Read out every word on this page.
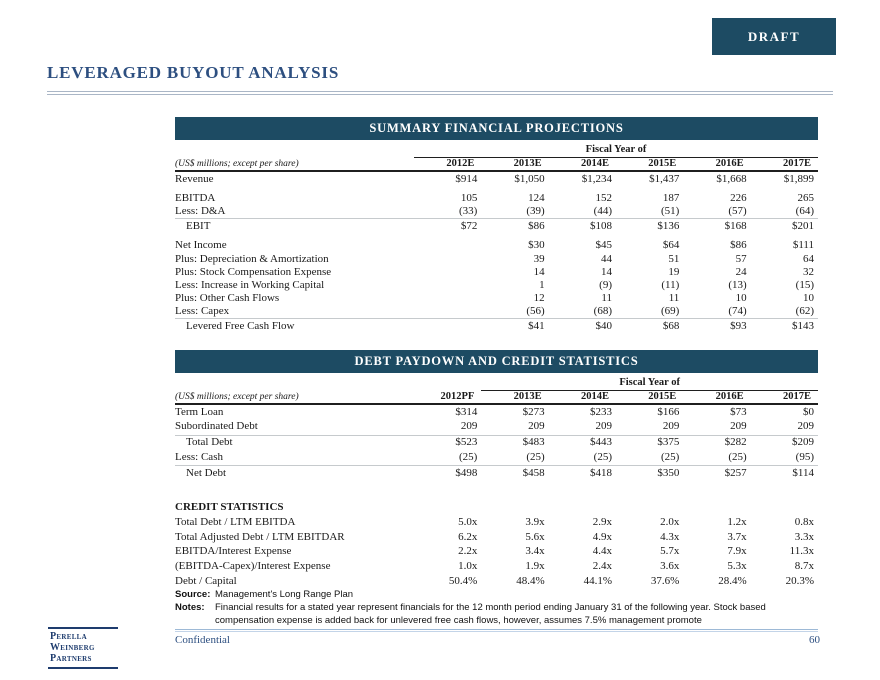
DRAFT
LEVERAGED BUYOUT ANALYSIS
SUMMARY FINANCIAL PROJECTIONS
	Fiscal Year of					
(US$ millions; except per share)	2012E	2013E	2014E	2015E	2016E	2017E
Revenue	$914	$1,050	$1,234	$1,437	$1,668	$1,899
EBITDA	105	124	152	187	226	265
Less: D&A	(33)	(39)	(44)	(51)	(57)	(64)
EBIT	$72	$86	$108	$136	$168	$201
Net Income		$30	$45	$64	$86	$111
Plus: Depreciation & Amortization		39	44	51	57	64
Plus: Stock Compensation Expense		14	14	19	24	32
Less: Increase in Working Capital		1	(9)	(11)	(13)	(15)
Plus: Other Cash Flows		12	11	11	10	10
Less: Capex		(56)	(68)	(69)	(74)	(62)
Levered Free Cash Flow		$41	$40	$68	$93	$143
DEBT PAYDOWN AND CREDIT STATISTICS
		Fiscal Year of				
(US$ millions; except per share)	2012PF	2013E	2014E	2015E	2016E	2017E
Term Loan	$314	$273	$233	$166	$73	$0
Subordinated Debt	209	209	209	209	209	209
Total Debt	$523	$483	$443	$375	$282	$209
Less: Cash	(25)	(25)	(25)	(25)	(25)	(95)
Net Debt	$498	$458	$418	$350	$257	$114
CREDIT STATISTICS						
Total Debt / LTM EBITDA	5.0x	3.9x	2.9x	2.0x	1.2x	0.8x
Total Adjusted Debt / LTM EBITDAR	6.2x	5.6x	4.9x	4.3x	3.7x	3.3x
EBITDA/Interest Expense	2.2x	3.4x	4.4x	5.7x	7.9x	11.3x
(EBITDA-Capex)/Interest Expense	1.0x	1.9x	2.4x	3.6x	5.3x	8.7x
Debt / Capital	50.4%	48.4%	44.1%	37.6%	28.4%	20.3%
Source: Management's Long Range Plan
Notes:	Financial results for a stated year represent financials for the 12 month period ending January 31 of the following year. Stock based compensation expense is added back for unlevered free cash flows, however, assumes 7.5% management promote
Confidential	60
Perella
Weinberg
Partners
